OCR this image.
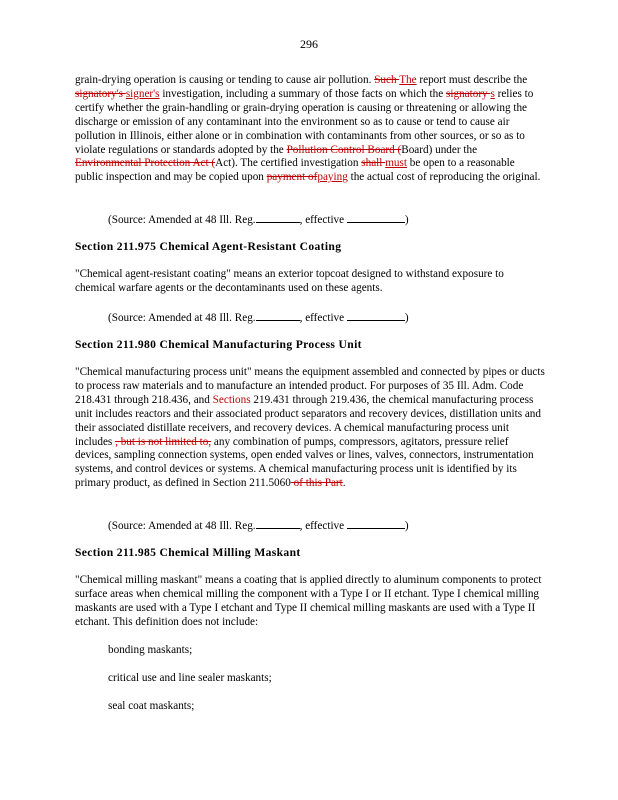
296

grain-drying operation is causing or tending to cause air pollution. Such The report must describe the signatory's signer's investigation, including a summary of those facts on which the signatory s relies to certify whether the grain-handling or grain-drying operation is causing or threatening or allowing the discharge or emission of any contaminant into the environment so as to cause or tend to cause air pollution in Illinois, either alone or in combination with contaminants from other sources, or so as to violate regulations or standards adopted by the Pollution Control Board (Board) under the Environmental Protection Act (Act). The certified investigation shall must be open to a reasonable public inspection and may be copied upon payment ofpaying the actual cost of reproducing the original.

(Source: Amended at 48 Ill. Reg.	, effective	)

Section 211.975 Chemical Agent-Resistant Coating

"Chemical agent-resistant coating" means an exterior topcoat designed to withstand exposure to chemical warfare agents or the decontaminants used on these agents.

(Source: Amended at 48 Ill. Reg.	, effective	)

Section 211.980 Chemical Manufacturing Process Unit

"Chemical manufacturing process unit" means the equipment assembled and connected by pipes or ducts to process raw materials and to manufacture an intended product. For purposes of 35 Ill. Adm. Code 218.431 through 218.436, and Sections 219.431 through 219.436, the chemical manufacturing process unit includes reactors and their associated product separators and recovery devices, distillation units and their associated distillate receivers, and recovery devices. A chemical manufacturing process unit includes , but is not limited to, any combination of pumps, compressors, agitators, pressure relief devices, sampling connection systems, open ended valves or lines, valves, connectors, instrumentation systems, and control devices or systems. A chemical manufacturing process unit is identified by its primary product, as defined in Section 211.5060 of this Part.

(Source: Amended at 48 Ill. Reg.	, effective	)

Section 211.985 Chemical Milling Maskant

"Chemical milling maskant" means a coating that is applied directly to aluminum components to protect surface areas when chemical milling the component with a Type I or II etchant. Type I chemical milling maskants are used with a Type I etchant and Type II chemical milling maskants are used with a Type II etchant. This definition does not include:

bonding maskants;

critical use and line sealer maskants;

seal coat maskants;
